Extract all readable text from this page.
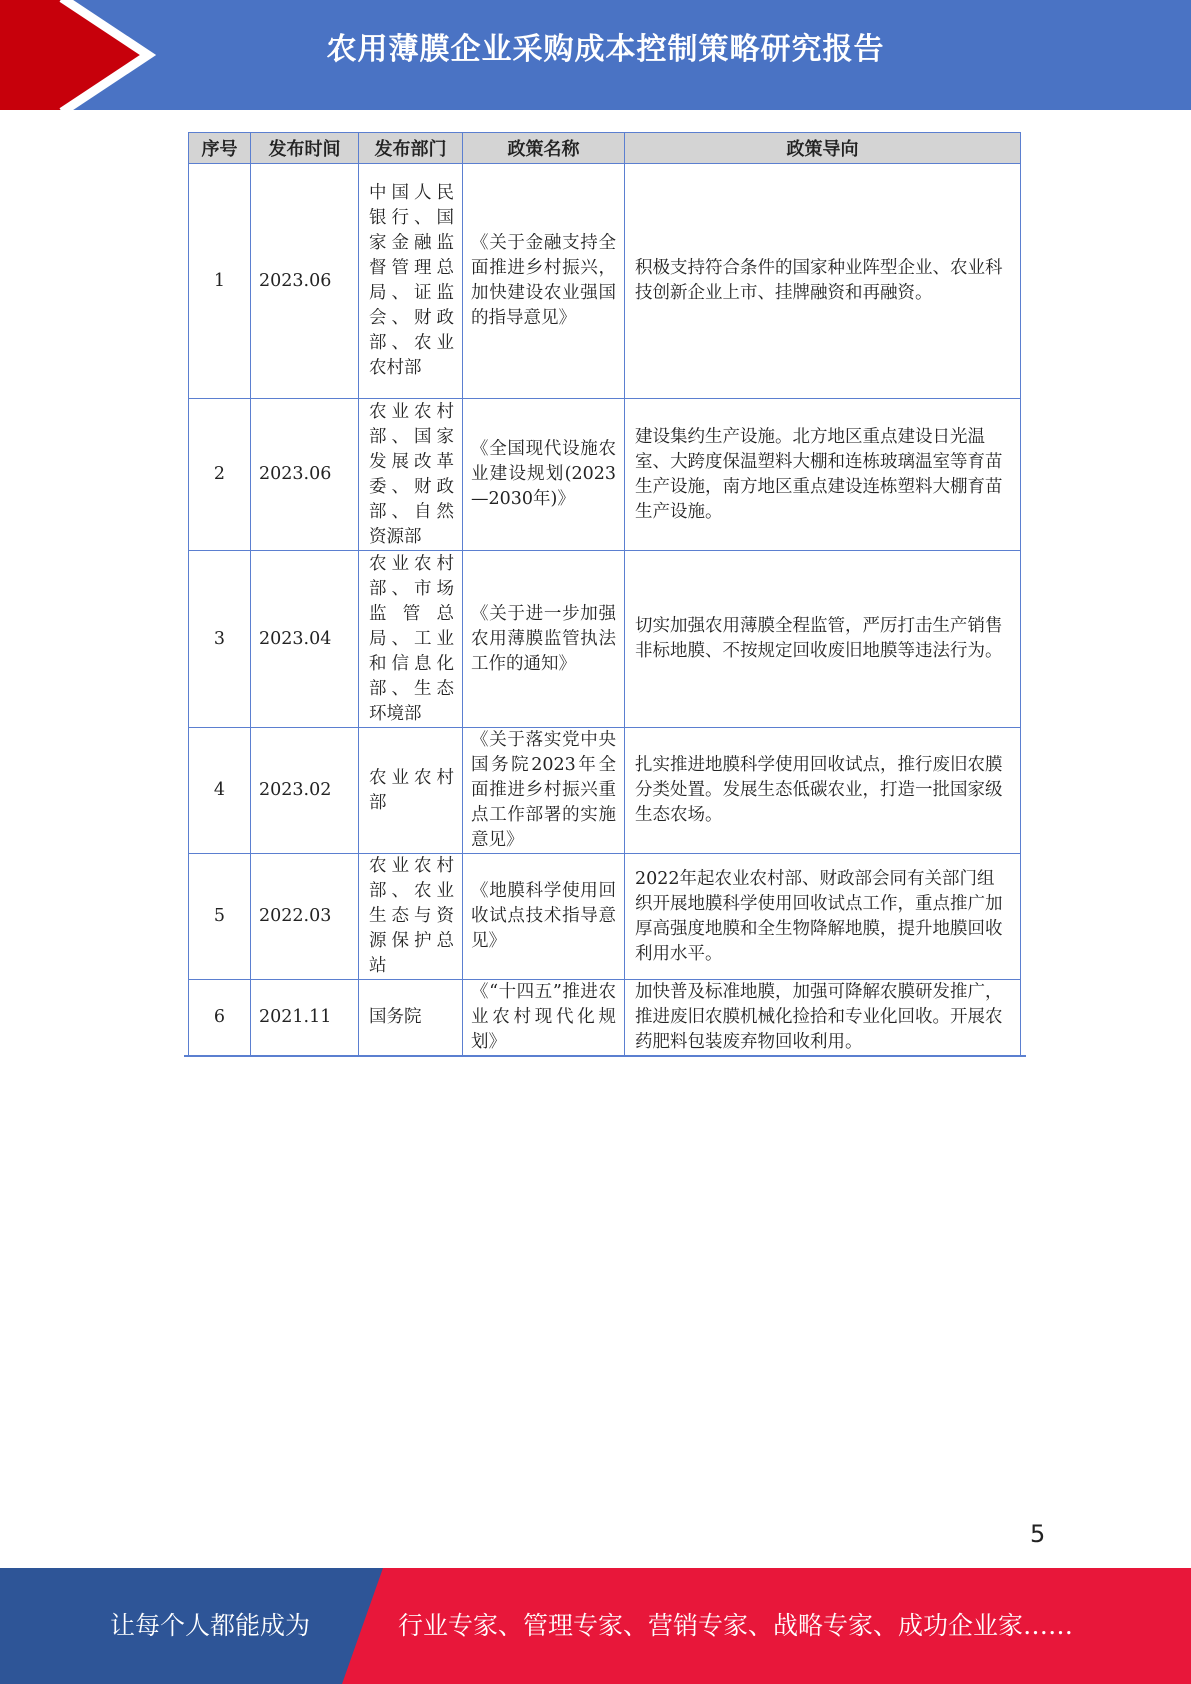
农用薄膜企业采购成本控制策略研究报告
序号	发布时间	发布部门	政策名称	政策导向
1	2023.06	中国人民银行、国家金融监督管理总局、证监会、财政部、农业农村部	《关于金融支持全面推进乡村振兴，加快建设农业强国的指导意见》	积极支持符合条件的国家种业阵型企业、农业科技创新企业上市、挂牌融资和再融资。
2	2023.06	农业农村部、国家发展改革委、财政部、自然资源部	《全国现代设施农业建设规划(2023—2030年)》	建设集约生产设施。北方地区重点建设日光温室、大跨度保温塑料大棚和连栋玻璃温室等育苗生产设施，南方地区重点建设连栋塑料大棚育苗生产设施。
3	2023.04	农业农村部、市场监管总局、工业和信息化部、生态环境部	《关于进一步加强农用薄膜监管执法工作的通知》	切实加强农用薄膜全程监管，严厉打击生产销售非标地膜、不按规定回收废旧地膜等违法行为。
4	2023.02	农业农村部	《关于落实党中央国务院2023年全面推进乡村振兴重点工作部署的实施意见》	扎实推进地膜科学使用回收试点，推行废旧农膜分类处置。发展生态低碳农业，打造一批国家级生态农场。
5	2022.03	农业农村部、农业生态与资源保护总站	《地膜科学使用回收试点技术指导意见》	2022年起农业农村部、财政部会同有关部门组织开展地膜科学使用回收试点工作，重点推广加厚高强度地膜和全生物降解地膜，提升地膜回收利用水平。
6	2021.11	国务院	《“十四五”推进农业农村现代化规划》	加快普及标准地膜，加强可降解农膜研发推广，推进废旧农膜机械化捡拾和专业化回收。开展农药肥料包装废弃物回收利用。
5
让每个人都能成为	行业专家、管理专家、营销专家、战略专家、成功企业家……
